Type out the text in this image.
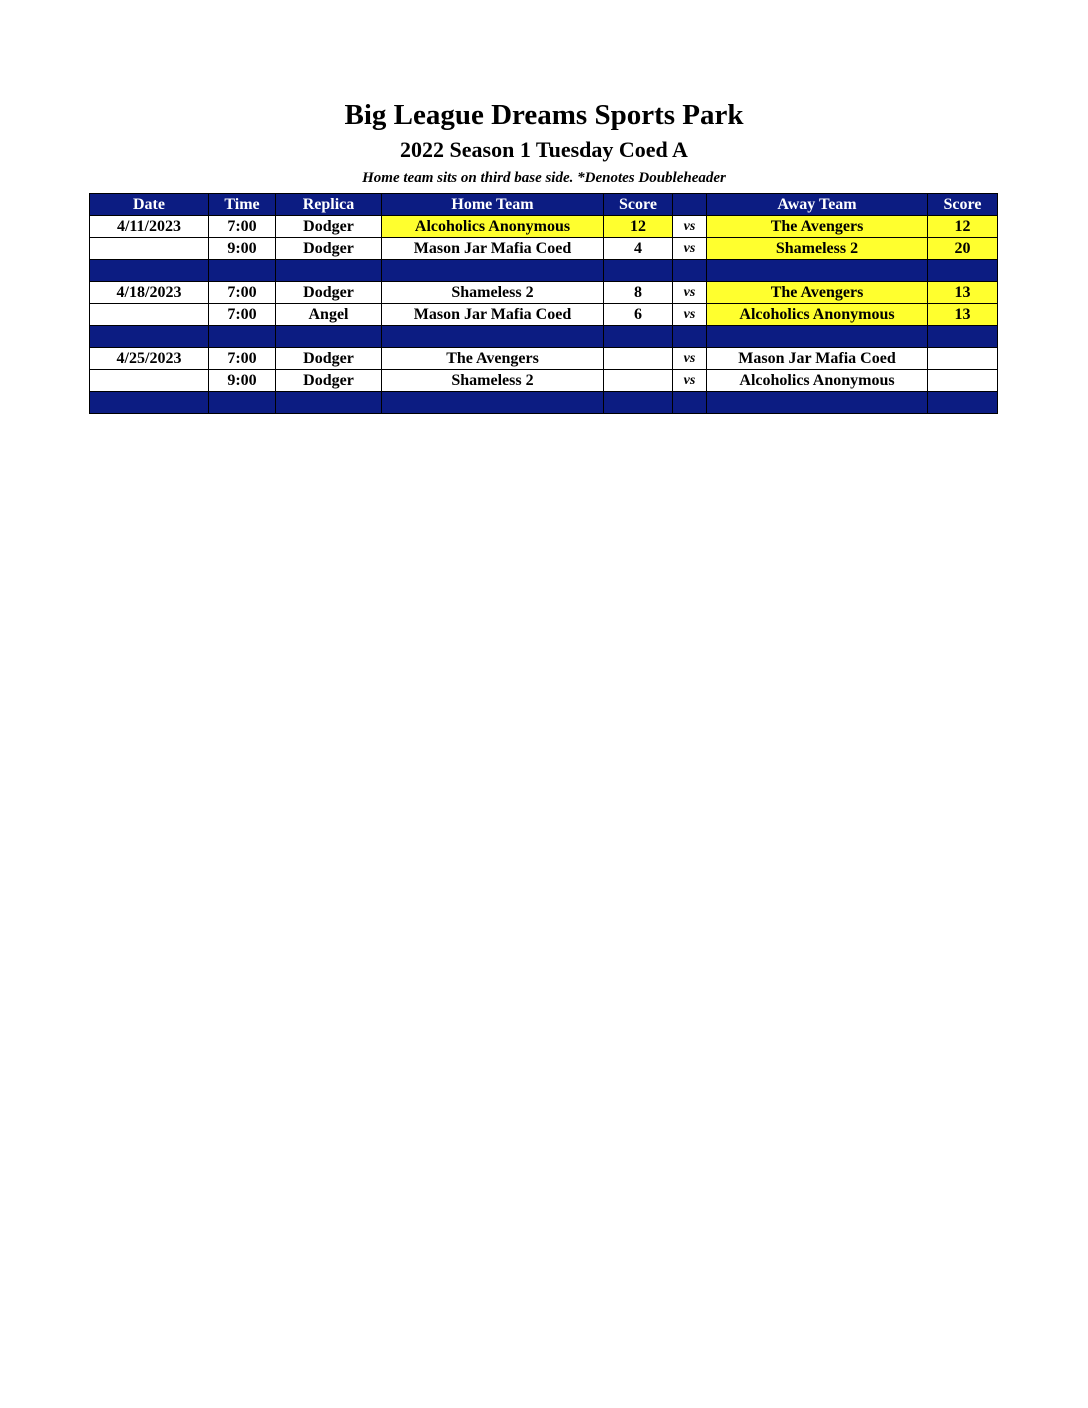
Big League Dreams Sports Park
2022 Season 1 Tuesday Coed A
Home team sits on third base side. *Denotes Doubleheader
Date	Time	Replica	Home Team	Score		Away Team	Score
4/11/2023	7:00	Dodger	Alcoholics Anonymous	12	vs	The Avengers	12
	9:00	Dodger	Mason Jar Mafia Coed	4	vs	Shameless 2	20

4/18/2023	7:00	Dodger	Shameless 2	8	vs	The Avengers	13
	7:00	Angel	Mason Jar Mafia Coed	6	vs	Alcoholics Anonymous	13

4/25/2023	7:00	Dodger	The Avengers		vs	Mason Jar Mafia Coed	
	9:00	Dodger	Shameless 2		vs	Alcoholics Anonymous	
